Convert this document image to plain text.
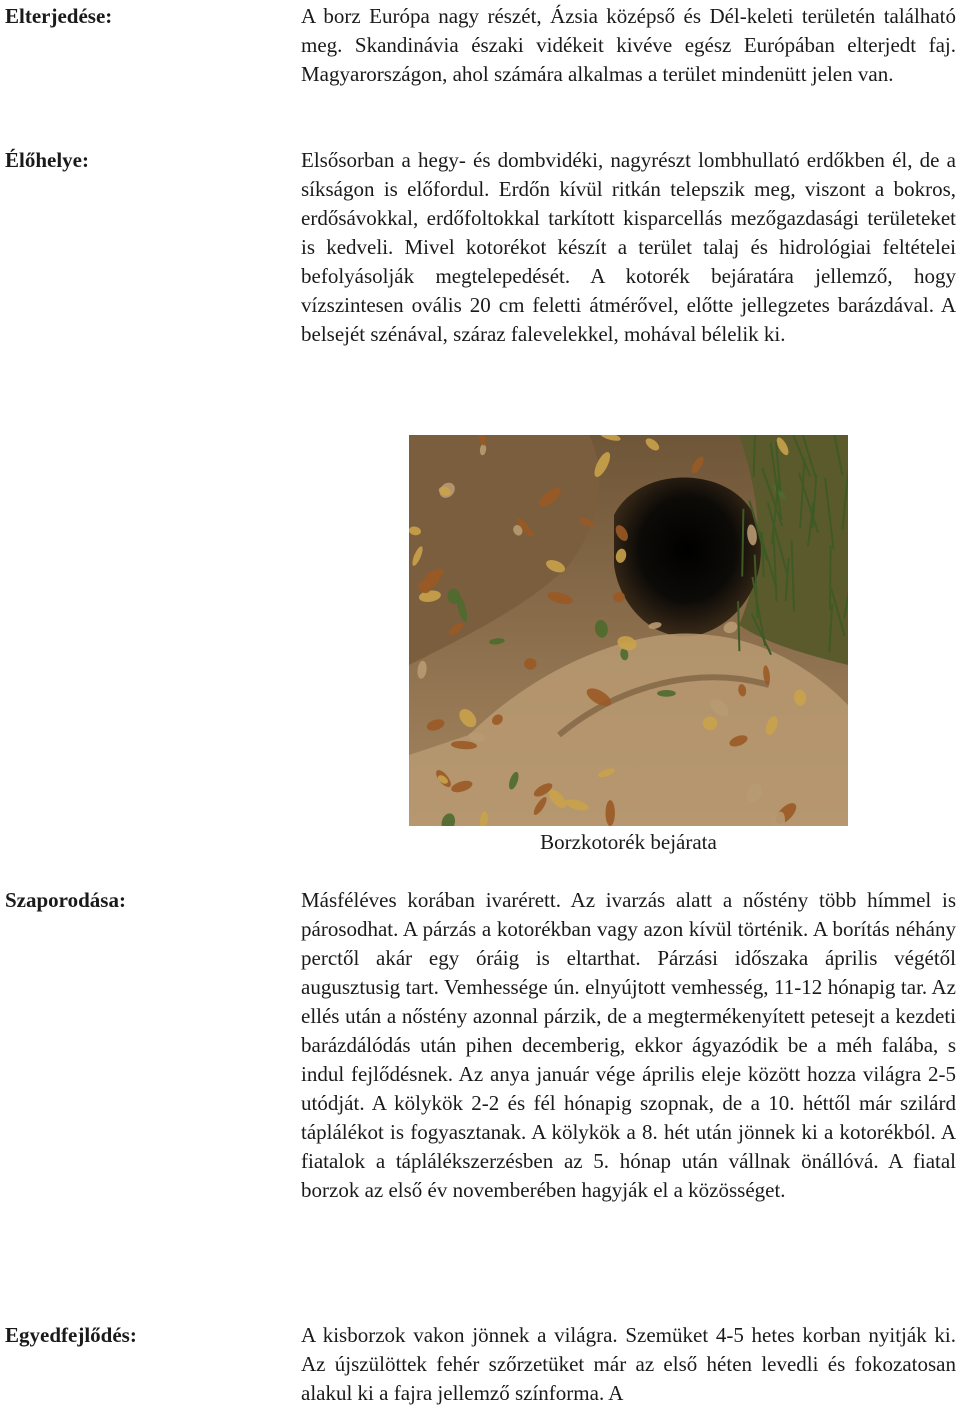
Elterjedése:
Élőhelye:
Szaporodása:
Egyedfejlődés:

A borz Európa nagy részét, Ázsia középső és Dél-keleti területén található meg. Skandinávia északi vidékeit kivéve egész Európában elterjedt faj. Magyarországon, ahol számára alkalmas a terület mindenütt jelen van.

Elsősorban a hegy- és dombvidéki, nagyrészt lombhullató erdőkben él, de a síkságon is előfordul. Erdőn kívül ritkán telepszik meg, viszont a bokros, erdősávokkal, erdőfoltokkal tarkított kisparcellás mezőgazdasági területeket is kedveli. Mivel kotorékot készít a terület talaj és hidrológiai feltételei befolyásolják megtelepedését. A kotorék bejáratára jellemző, hogy vízszintesen ovális 20 cm feletti átmérővel, előtte jellegzetes barázdával. A belsejét szénával, száraz falevelekkel, mohával bélelik ki.

Másféléves korában ivarérett. Az ivarzás alatt a nőstény több hímmel is párosodhat. A párzás a kotorékban vagy azon kívül történik. A borítás néhány perctől akár egy óráig is eltarthat. Párzási időszaka április végétől augusztusig tart. Vemhessége ún. elnyújtott vemhesség, 11-12 hónapig tar. Az ellés után a nőstény azonnal párzik, de a megtermékenyített petesejt a kezdeti barázdálódás után pihen decemberig, ekkor ágyazódik be a méh falába, s indul fejlődésnek. Az anya január vége április eleje között hozza világra 2-5 utódját. A kölykök 2-2 és fél hónapig szopnak, de a 10. héttől már szilárd táplálékot is fogyasztanak. A kölykök a 8. hét után jönnek ki a kotorékból. A fiatalok a táplálékszerzésben az 5. hónap után vállnak önállóvá. A fiatal borzok az első év novemberében hagyják el a közösséget.

A kisborzok vakon jönnek a világra. Szemüket 4-5 hetes korban nyitják ki. Az újszülöttek fehér szőrzetüket már az első héten levedli és fokozatosan alakul ki a fajra jellemző színforma. A

Borzkotorék bejárata
